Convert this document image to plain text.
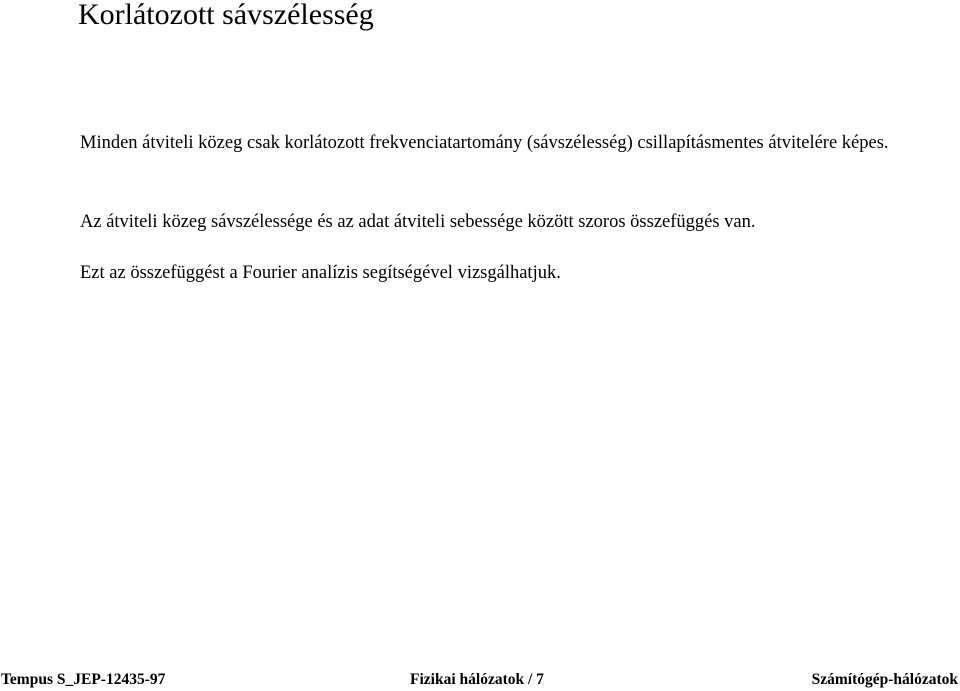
Korlátozott sávszélesség

Minden átviteli közeg csak korlátozott frekvenciatartomány (sávszélesség) csillapításmentes átvitelére képes.

Az átviteli közeg sávszélessége és az adat átviteli sebessége között szoros összefüggés van.

Ezt az összefüggést a Fourier analízis segítségével vizsgálhatjuk.

Tempus S_JEP-12435-97	Fizikai hálózatok / 7	Számítógép-hálózatok
